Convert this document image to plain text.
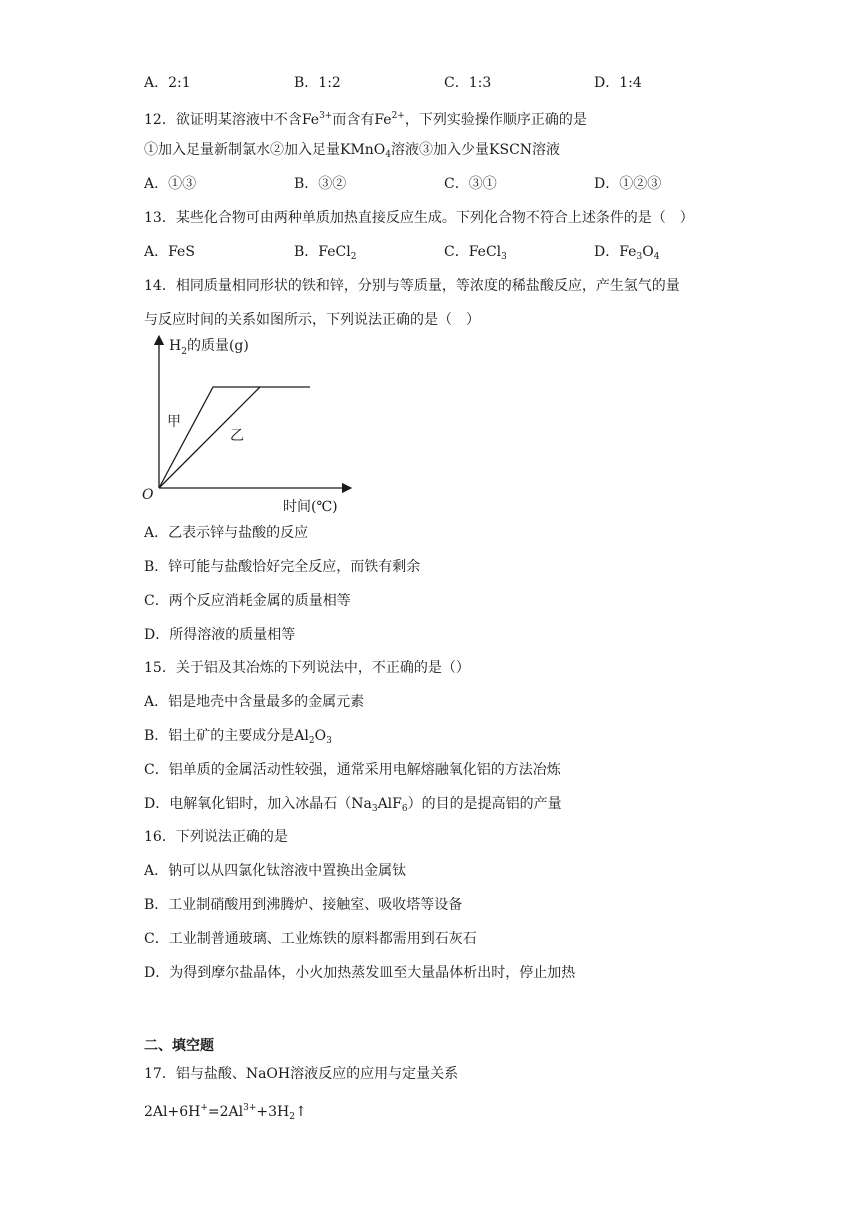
A．2:1	B．1:2	C．1:3	D．1:4
12．欲证明某溶液中不含$Fe^{3+}$而含有$Fe^{2+}$，下列实验操作顺序正确的是
①加入足量新制氯水②加入足量KMnO$_4$溶液③加入少量KSCN溶液
A．①③	B．③②	C．③①	D．①②③
13．某些化合物可由两种单质加热直接反应生成。下列化合物不符合上述条件的是（　）
A．FeS	B．FeCl$_2$	C．FeCl$_3$	D．$Fe_3O_4$
14．相同质量相同形状的铁和锌，分别与等质量，等浓度的稀盐酸反应，产生氢气的量
与反应时间的关系如图所示，下列说法正确的是（　）
$H_2$的质量(g)
甲
乙
O
时间(℃)
A．乙表示锌与盐酸的反应
B．锌可能与盐酸恰好完全反应，而铁有剩余
C．两个反应消耗金属的质量相等
D．所得溶液的质量相等
15．关于铝及其冶炼的下列说法中，不正确的是（）
A．铝是地壳中含量最多的金属元素
B．铝土矿的主要成分是$Al_2O_3$
C．铝单质的金属活动性较强，通常采用电解熔融氧化铝的方法冶炼
D．电解氧化铝时，加入冰晶石$(Na_3AlF_6)$的目的是提高铝的产量
16．下列说法正确的是
A．钠可以从四氯化钛溶液中置换出金属钛
B．工业制硝酸用到沸腾炉、接触室、吸收塔等设备
C．工业制普通玻璃、工业炼铁的原料都需用到石灰石
D．为得到摩尔盐晶体，小火加热蒸发皿至大量晶体析出时，停止加热
二、填空题
17．铝与盐酸、NaOH溶液反应的应用与定量关系
$2Al+6H^+=2Al^{3+}+3H_2↑$
